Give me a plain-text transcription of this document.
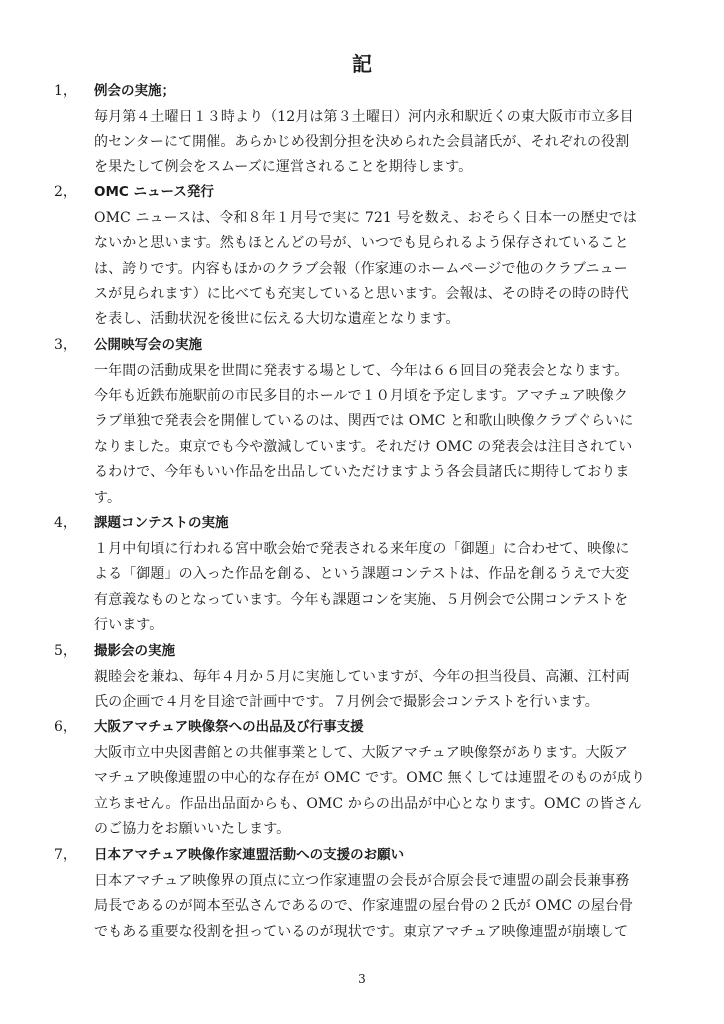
記
1， 例会の実施；
毎月第４土曜日１３時より（12月は第３土曜日）河内永和駅近くの東大阪市市立多目
的センターにて開催。あらかじめ役割分担を決められた会員諸氏が、それぞれの役割
を果たして例会をスムーズに運営されることを期待します。
2， OMC ニュース発行
OMC ニュースは、令和８年１月号で実に 721 号を数え、おそらく日本一の歴史では
ないかと思います。然もほとんどの号が、いつでも見られるよう保存されていること
は、誇りです。内容もほかのクラブ会報（作家連のホームページで他のクラブニュー
スが見られます）に比べても充実していると思います。会報は、その時その時の時代
を表し、活動状況を後世に伝える大切な遺産となります。
3， 公開映写会の実施
一年間の活動成果を世間に発表する場として、今年は６６回目の発表会となります。
今年も近鉄布施駅前の市民多目的ホールで１０月頃を予定します。アマチュア映像ク
ラブ単独で発表会を開催しているのは、関西では OMC と和歌山映像クラブぐらいに
なりました。東京でも今や激減しています。それだけ OMC の発表会は注目されてい
るわけで、今年もいい作品を出品していただけますよう各会員諸氏に期待しておりま
す。
4， 課題コンテストの実施
１月中旬頃に行われる宮中歌会始で発表される来年度の「御題」に合わせて、映像に
よる「御題」の入った作品を創る、という課題コンテストは、作品を創るうえで大変
有意義なものとなっています。今年も課題コンを実施、５月例会で公開コンテストを
行います。
5， 撮影会の実施
親睦会を兼ね、毎年４月か５月に実施していますが、今年の担当役員、高瀬、江村両
氏の企画で４月を目途で計画中です。７月例会で撮影会コンテストを行います。
6， 大阪アマチュア映像祭への出品及び行事支援
大阪市立中央図書館との共催事業として、大阪アマチュア映像祭があります。大阪ア
マチュア映像連盟の中心的な存在が OMC です。OMC 無くしては連盟そのものが成り
立ちません。作品出品面からも、OMC からの出品が中心となります。OMC の皆さん
のご協力をお願いいたします。
7， 日本アマチュア映像作家連盟活動への支援のお願い
日本アマチュア映像界の頂点に立つ作家連盟の会長が合原会長で連盟の副会長兼事務
局長であるのが岡本至弘さんであるので、作家連盟の屋台骨の２氏が OMC の屋台骨
でもある重要な役割を担っているのが現状です。東京アマチュア映像連盟が崩壊して
3
